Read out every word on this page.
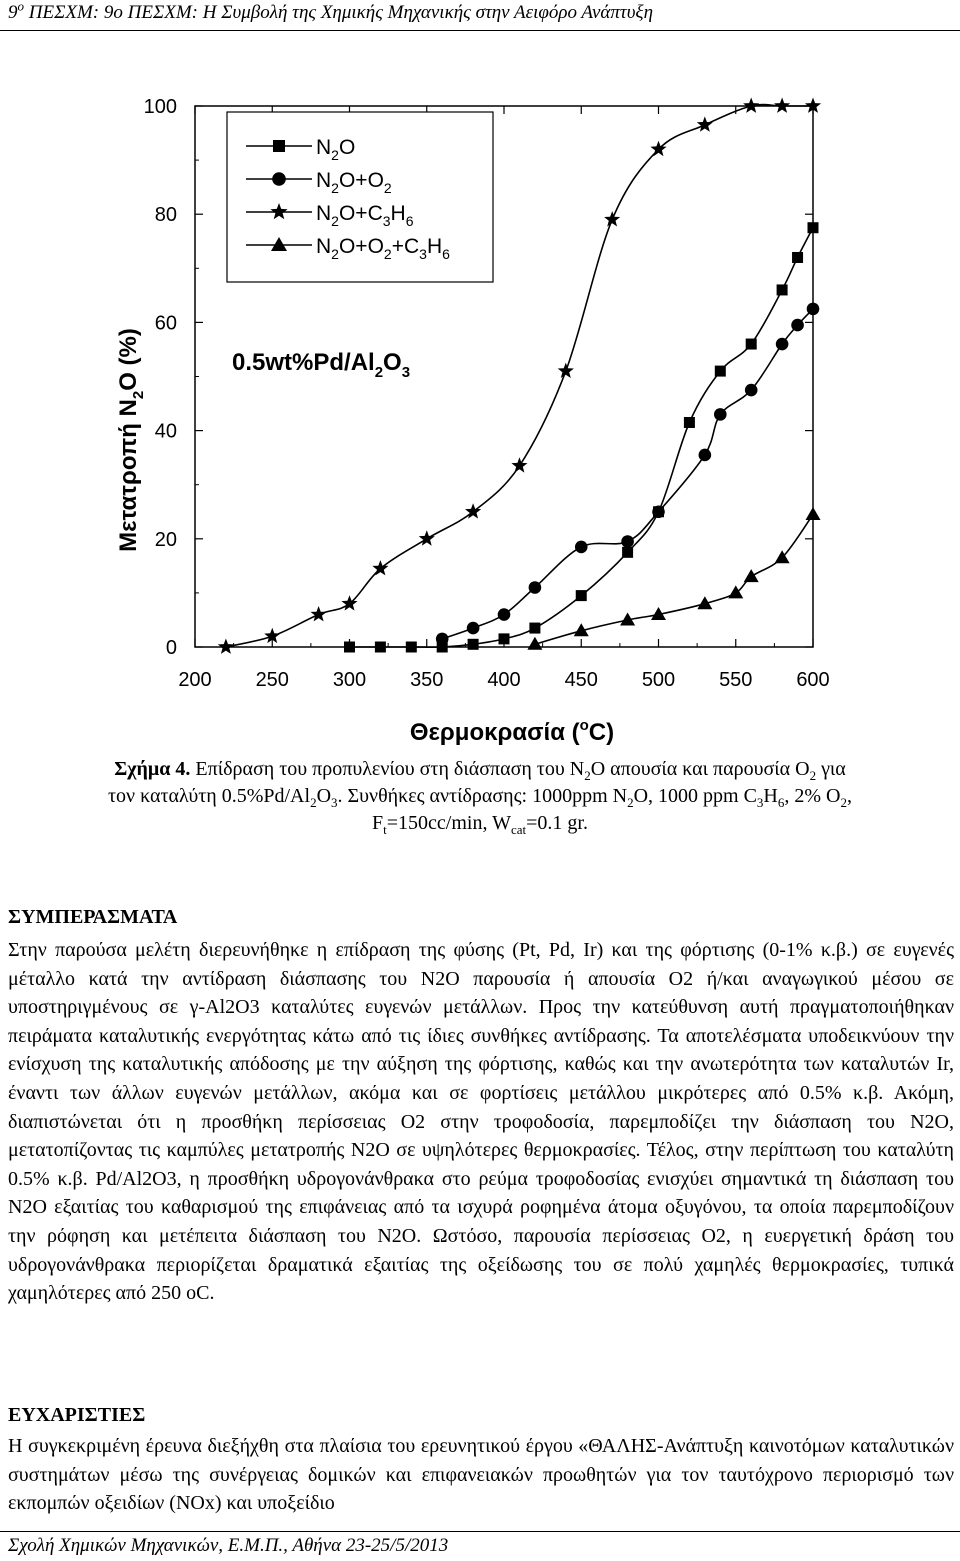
$9^o$ ΠΕΣΧΜ: 9ο ΠΕΣΧΜ: Η Συμβολή της Χημικής Μηχανικής στην Αειφόρο Ανάπτυξη
200 250 300 350 400 450 500 550 600
0
20
40
60
80
100
$N_2O$
$N_2O+O_2$
$N_2O+C_3H_6$
$N_2O+O_2+C_3H_6$
$0.5wt\%Pd/Al_2O_3$
Μετατροπή $N_2O$ (%)
Θερμοκρασία ($^o$C)
Σχήμα 4. Επίδραση του προπυλενίου στη διάσπαση του $N_2O$ απουσία και παρουσία $O_2$ για
τον καταλύτη $0.5\%Pd/Al_2O_3$. Συνθήκες αντίδρασης: 1000ppm $N_2O$, 1000 ppm $C_3H_6$, 2% $O_2$,
$F_t=150cc/\min$, $W_{cat}=0.1$ gr.
ΣΥΜΠΕΡΑΣΜΑΤΑ
Στην παρούσα μελέτη διερευνήθηκε η επίδραση της φύσης (Pt, Pd, Ir) και της φόρτισης (0-1% κ.β.) σε ευγενές μέταλλο κατά την αντίδραση διάσπασης του N2O παρουσία ή απουσία O2 ή/και αναγωγικού μέσου σε υποστηριγμένους σε γ-Al2O3 καταλύτες ευγενών μετάλλων. Προς την κατεύθυνση αυτή πραγματοποιήθηκαν πειράματα καταλυτικής ενεργότητας κάτω από τις ίδιες συνθήκες αντίδρασης. Τα αποτελέσματα υποδεικνύουν την ενίσχυση της καταλυτικής απόδοσης με την αύξηση της φόρτισης, καθώς και την ανωτερότητα των καταλυτών Ir, έναντι των άλλων ευγενών μετάλλων, ακόμα και σε φορτίσεις μετάλλου μικρότερες από 0.5% κ.β. Ακόμη, διαπιστώνεται ότι η προσθήκη περίσσειας O2 στην τροφοδοσία, παρεμποδίζει την διάσπαση του N2O, μετατοπίζοντας τις καμπύλες μετατροπής N2O σε υψηλότερες θερμοκρασίες. Τέλος, στην περίπτωση του καταλύτη 0.5% κ.β. Pd/Al2O3, η προσθήκη υδρογονάνθρακα στο ρεύμα τροφοδοσίας ενισχύει σημαντικά τη διάσπαση του N2O εξαιτίας του καθαρισμού της επιφάνειας από τα ισχυρά ροφημένα άτομα οξυγόνου, τα οποία παρεμποδίζουν την ρόφηση και μετέπειτα διάσπαση του N2O. Ωστόσο, παρουσία περίσσειας O2, η ευεργετική δράση του υδρογονάνθρακα περιορίζεται δραματικά εξαιτίας της οξείδωσης του σε πολύ χαμηλές θερμοκρασίες, τυπικά χαμηλότερες από 250 oC.
ΕΥΧΑΡΙΣΤΙΕΣ
Η συγκεκριμένη έρευνα διεξήχθη στα πλαίσια του ερευνητικού έργου «ΘΑΛΗΣ-Ανάπτυξη καινοτόμων καταλυτικών συστημάτων μέσω της συνέργειας δομικών και επιφανειακών προωθητών για τον ταυτόχρονο περιορισμό των εκπομπών οξειδίων (NOx) και υποξείδιο
Σχολή Χημικών Μηχανικών, Ε.Μ.Π., Αθήνα 23-25/5/2013
